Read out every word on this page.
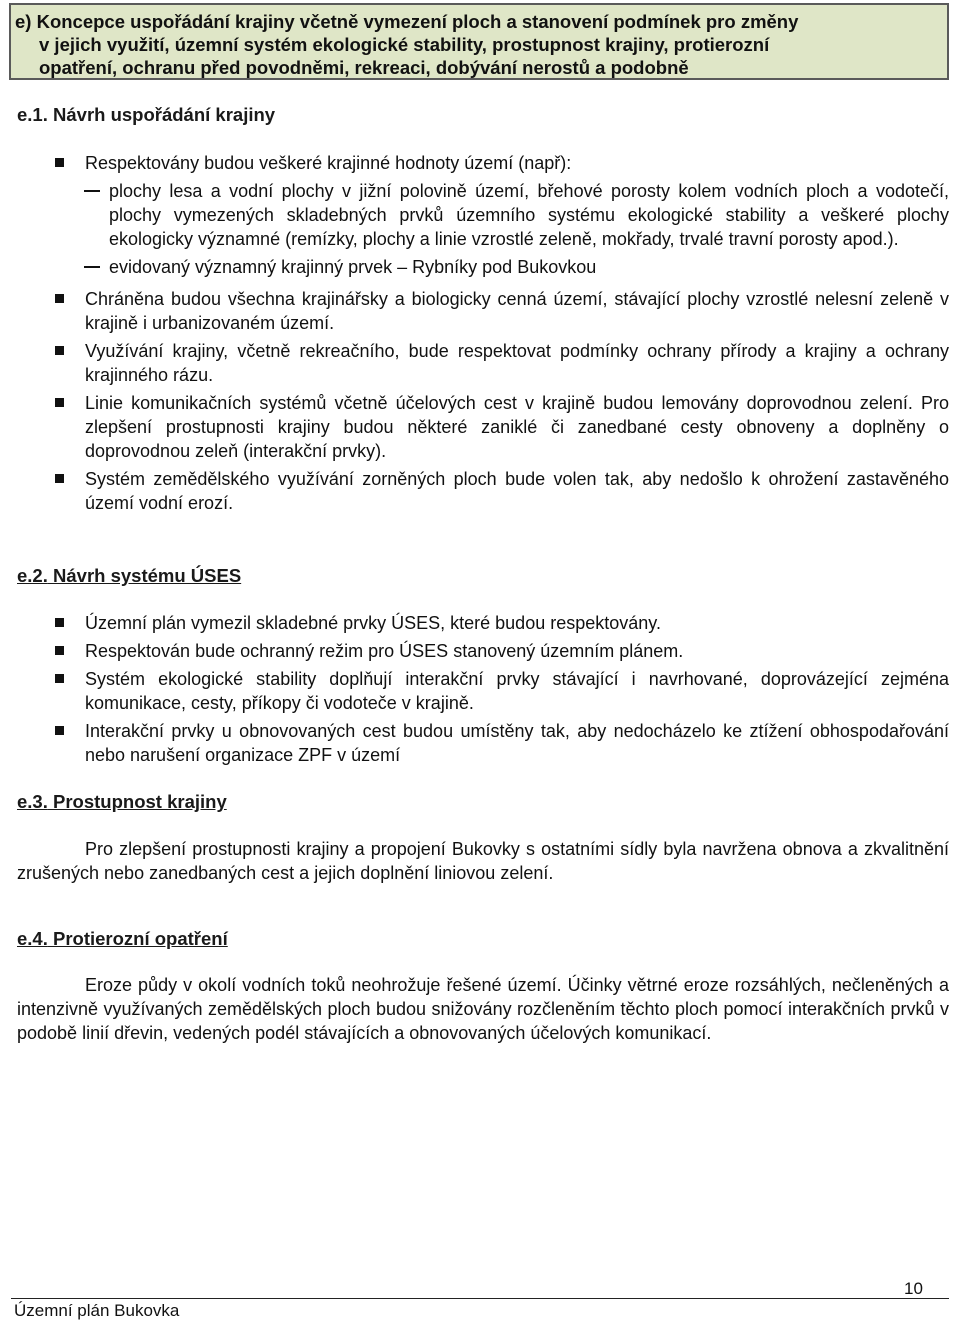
e) Koncepce uspořádání krajiny včetně vymezení ploch a stanovení podmínek pro změny

v jejich využití, územní systém ekologické stability, prostupnost krajiny, protierozní
opatření, ochranu před povodněmi, rekreaci, dobývání nerostů a podobně
e.1. Návrh uspořádání krajiny
Respektovány budou veškeré krajinné hodnoty území (např):
plochy lesa a vodní plochy v jižní polovině území, břehové porosty kolem vodních ploch a vodotečí, plochy vymezených skladebných prvků územního systému ekologické stability a veškeré plochy ekologicky významné (remízky, plochy a linie vzrostlé zeleně, mokřady, trvalé travní porosty apod.).
evidovaný významný krajinný prvek – Rybníky pod Bukovkou
Chráněna budou všechna krajinářsky a biologicky cenná území, stávající plochy vzrostlé nelesní zeleně v krajině i urbanizovaném území.
Využívání krajiny, včetně rekreačního, bude respektovat podmínky ochrany přírody a krajiny a ochrany krajinného rázu.
Linie komunikačních systémů včetně účelových cest v krajině budou lemovány doprovodnou zelení. Pro zlepšení prostupnosti krajiny budou některé zaniklé či zanedbané cesty obnoveny a doplněny o doprovodnou zeleň (interakční prvky).
Systém zemědělského využívání zorněných ploch bude volen tak, aby nedošlo k ohrožení zastavěného území vodní erozí.
e.2. Návrh systému ÚSES
Územní plán vymezil skladebné prvky ÚSES, které budou respektovány.
Respektován bude ochranný režim pro ÚSES stanovený územním plánem.
Systém ekologické stability doplňují interakční prvky stávající i navrhované, doprovázející zejména komunikace, cesty, příkopy či vodoteče v krajině.
Interakční prvky u obnovovaných cest budou umístěny tak, aby nedocházelo ke ztížení obhospodařování nebo narušení organizace ZPF v území
e.3. Prostupnost krajiny

Pro zlepšení prostupnosti krajiny a propojení Bukovky s ostatními sídly byla navržena obnova a zkvalitnění zrušených nebo zanedbaných cest a jejich doplnění liniovou zelení.

e.4. Protierozní opatření

Eroze půdy v okolí vodních toků neohrožuje řešené území. Účinky větrné eroze rozsáhlých, nečleněných a intenzivně využívaných zemědělských ploch budou snižovány rozčleněním těchto ploch pomocí interakčních prvků v podobě linií dřevin, vedených podél stávajících a obnovovaných účelových komunikací.

10
Územní plán Bukovka
